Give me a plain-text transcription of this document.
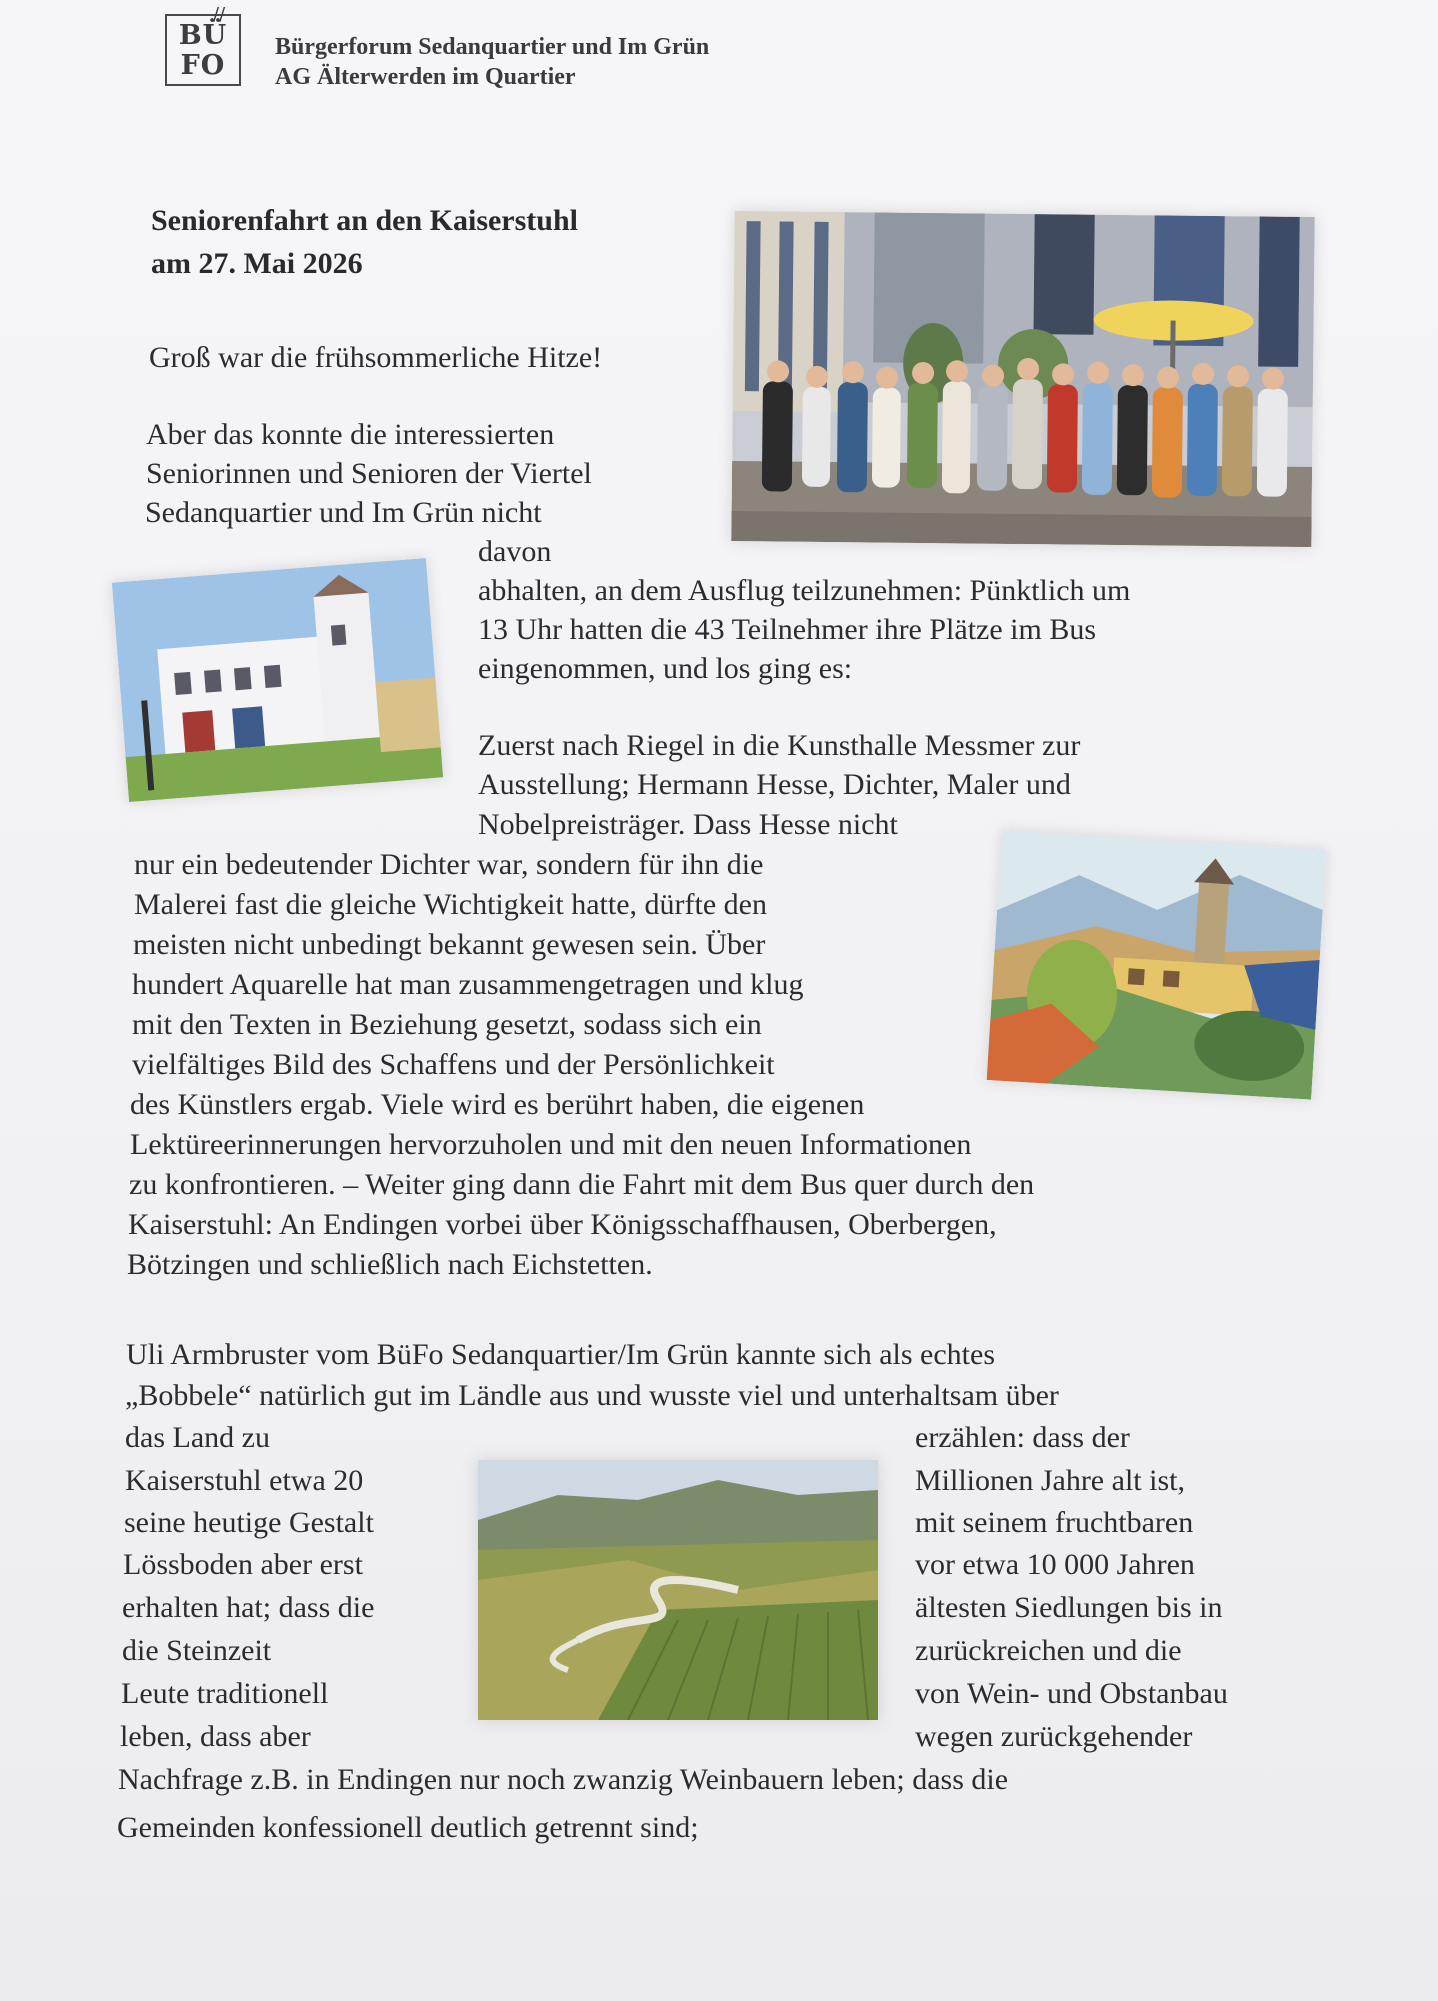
//
BÜ
FO
Bürgerforum Sedanquartier und Im Grün
AG Älterwerden im Quartier
Seniorenfahrt an den Kaiserstuhl
am 27. Mai 2026
Groß war die frühsommerliche Hitze!
Aber das konnte die interessierten
Seniorinnen und Senioren der Viertel
Sedanquartier und Im Grün nicht
davon
abhalten, an dem Ausflug teilzunehmen: Pünktlich um
13 Uhr hatten die 43 Teilnehmer ihre Plätze im Bus
eingenommen, und los ging es:
Zuerst nach Riegel in die Kunsthalle Messmer zur
Ausstellung; Hermann Hesse, Dichter, Maler und
Nobelpreisträger. Dass Hesse nicht
nur ein bedeutender Dichter war, sondern für ihn die
Malerei fast die gleiche Wichtigkeit hatte, dürfte den
meisten nicht unbedingt bekannt gewesen sein. Über
hundert Aquarelle hat man zusammengetragen und klug
mit den Texten in Beziehung gesetzt, sodass sich ein
vielfältiges Bild des Schaffens und der Persönlichkeit
des Künstlers ergab. Viele wird es berührt haben, die eigenen
Lektüreerinnerungen hervorzuholen und mit den neuen Informationen
zu konfrontieren. – Weiter ging dann die Fahrt mit dem Bus quer durch den
Kaiserstuhl: An Endingen vorbei über Königsschaffhausen, Oberbergen,
Bötzingen und schließlich nach Eichstetten.
Uli Armbruster vom BüFo Sedanquartier/Im Grün kannte sich als echtes
„Bobbele“ natürlich gut im Ländle aus und wusste viel und unterhaltsam über
das Land zu
Kaiserstuhl etwa 20
seine heutige Gestalt
Lössboden aber erst
erhalten hat; dass die
die Steinzeit
Leute traditionell
leben, dass aber
erzählen: dass der
Millionen Jahre alt ist,
mit seinem fruchtbaren
vor etwa 10 000 Jahren
ältesten Siedlungen bis in
zurückreichen und die
von Wein- und Obstanbau
wegen zurückgehender
Nachfrage z.B. in Endingen nur noch zwanzig Weinbauern leben; dass die
Gemeinden konfessionell deutlich getrennt sind;
